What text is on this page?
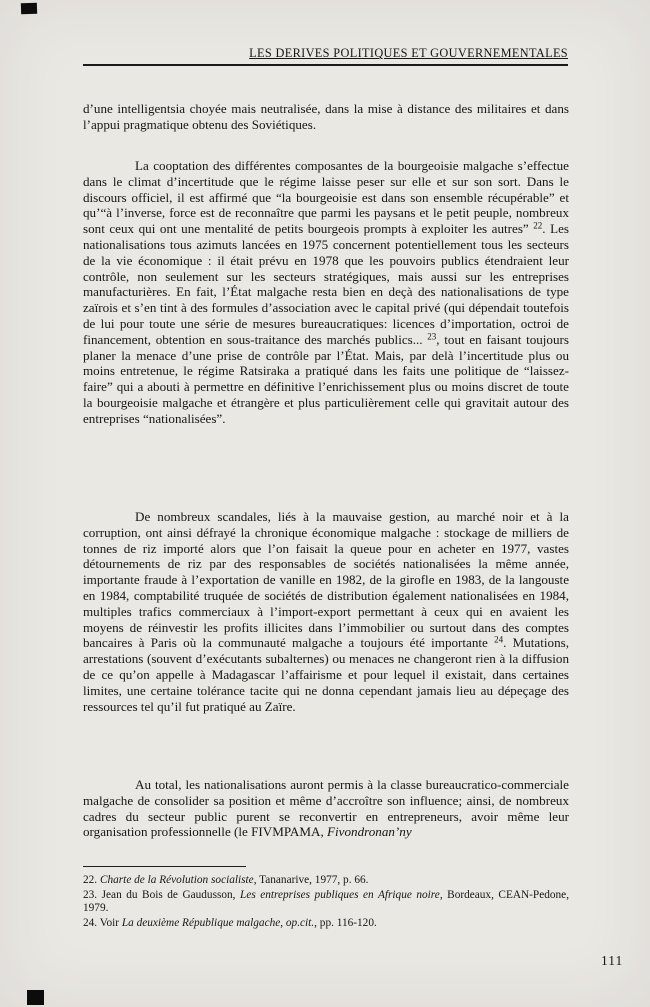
LES DERIVES POLITIQUES ET GOUVERNEMENTALES

d’une intelligentsia choyée mais neutralisée, dans la mise à distance des militaires et dans l’appui pragmatique obtenu des Soviétiques.

La cooptation des différentes composantes de la bourgeoisie malgache s’effectue dans le climat d’incertitude que le régime laisse peser sur elle et sur son sort. Dans le discours officiel, il est affirmé que “la bourgeoisie est dans son ensemble récupérable” et qu’“à l’inverse, force est de reconnaître que parmi les paysans et le petit peuple, nombreux sont ceux qui ont une mentalité de petits bourgeois prompts à exploiter les autres” $^{22}$. Les nationalisations tous azimuts lancées en 1975 concernent potentiellement tous les secteurs de la vie économique : il était prévu en 1978 que les pouvoirs publics étendraient leur contrôle, non seulement sur les secteurs stratégiques, mais aussi sur les entreprises manufacturières. En fait, l’État malgache resta bien en deçà des nationalisations de type zaïrois et s’en tint à des formules d’association avec le capital privé (qui dépendait toutefois de lui pour toute une série de mesures bureaucratiques: licences d’importation, octroi de financement, obtention en sous-traitance des marchés publics... $^{23}$, tout en faisant toujours planer la menace d’une prise de contrôle par l’État. Mais, par delà l’incertitude plus ou moins entretenue, le régime Ratsiraka a pratiqué dans les faits une politique de “laissez-faire” qui a abouti à permettre en définitive l’enrichissement plus ou moins discret de toute la bourgeoisie malgache et étrangère et plus particulièrement celle qui gravitait autour des entreprises “nationalisées”.

De nombreux scandales, liés à la mauvaise gestion, au marché noir et à la corruption, ont ainsi défrayé la chronique économique malgache : stockage de milliers de tonnes de riz importé alors que l’on faisait la queue pour en acheter en 1977, vastes détournements de riz par des responsables de sociétés nationalisées la même année, importante fraude à l’exportation de vanille en 1982, de la girofle en 1983, de la langouste en 1984, comptabilité truquée de sociétés de distribution également nationalisées en 1984, multiples trafics commerciaux à l’import-export permettant à ceux qui en avaient les moyens de réinvestir les profits illicites dans l’immobilier ou surtout dans des comptes bancaires à Paris où la communauté malgache a toujours été importante $^{24}$. Mutations, arrestations (souvent d’exécutants subalternes) ou menaces ne changeront rien à la diffusion de ce qu’on appelle à Madagascar l’affairisme et pour lequel il existait, dans certaines limites, une certaine tolérance tacite qui ne donna cependant jamais lieu au dépeçage des ressources tel qu’il fut pratiqué au Zaïre.

Au total, les nationalisations auront permis à la classe bureaucratico-commerciale malgache de consolider sa position et même d’accroître son influence; ainsi, de nombreux cadres du secteur public purent se reconvertir en entrepreneurs, avoir même leur organisation professionnelle (le FIVMPAMA, Fivondronan’ny

22. Charte de la Révolution socialiste, Tananarive, 1977, p. 66.

23. Jean du Bois de Gaudusson, Les entreprises publiques en Afrique noire, Bordeaux, CEAN-Pedone, 1979.

24. Voir La deuxième République malgache, op.cit., pp. 116-120.

111
